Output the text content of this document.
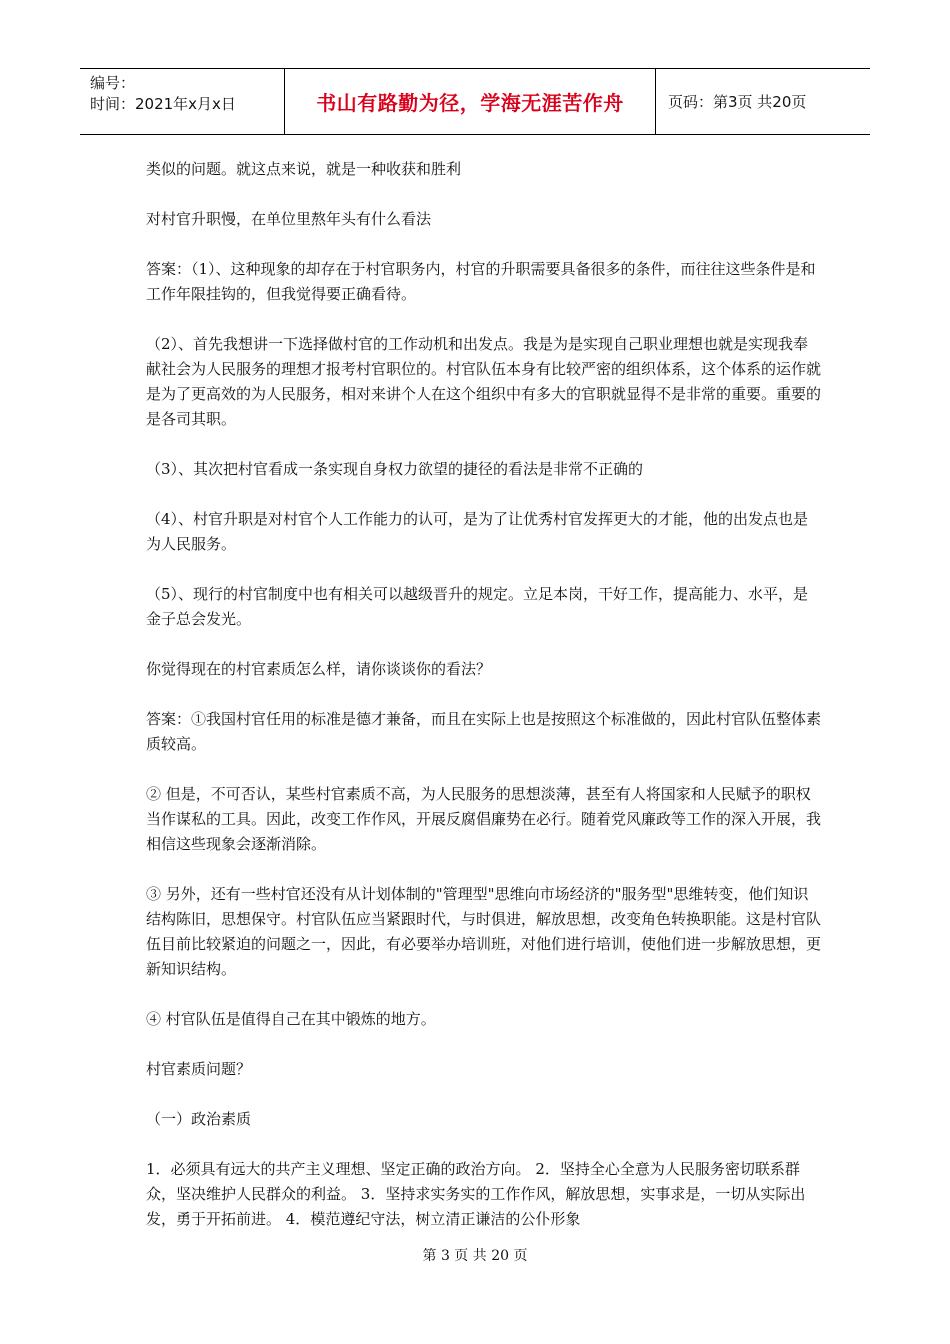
编号：
时间：2021年x月x日	书山有路勤为径，学海无涯苦作舟	页码：第3页 共20页

类似的问题。就这点来说，就是一种收获和胜利

对村官升职慢，在单位里熬年头有什么看法

答案：（1）、这种现象的却存在于村官职务内，村官的升职需要具备很多的条件，而往往这些条件是和工作年限挂钩的，但我觉得要正确看待。

（2）、首先我想讲一下选择做村官的工作动机和出发点。我是为是实现自己职业理想也就是实现我奉献社会为人民服务的理想才报考村官职位的。村官队伍本身有比较严密的组织体系，这个体系的运作就是为了更高效的为人民服务，相对来讲个人在这个组织中有多大的官职就显得不是非常的重要。重要的是各司其职。

（3）、其次把村官看成一条实现自身权力欲望的捷径的看法是非常不正确的

（4）、村官升职是对村官个人工作能力的认可，是为了让优秀村官发挥更大的才能，他的出发点也是为人民服务。

（5）、现行的村官制度中也有相关可以越级晋升的规定。立足本岗，干好工作，提高能力、水平，是金子总会发光。

你觉得现在的村官素质怎么样，请你谈谈你的看法？

答案：①我国村官任用的标准是德才兼备，而且在实际上也是按照这个标准做的，因此村官队伍整体素质较高。

② 但是，不可否认，某些村官素质不高，为人民服务的思想淡薄，甚至有人将国家和人民赋予的职权当作谋私的工具。因此，改变工作作风，开展反腐倡廉势在必行。随着党风廉政等工作的深入开展，我相信这些现象会逐渐消除。

③ 另外，还有一些村官还没有从计划体制的"管理型"思维向市场经济的"服务型"思维转变，他们知识结构陈旧，思想保守。村官队伍应当紧跟时代，与时俱进，解放思想，改变角色转换职能。这是村官队伍目前比较紧迫的问题之一，因此，有必要举办培训班，对他们进行培训，使他们进一步解放思想，更新知识结构。

④ 村官队伍是值得自己在其中锻炼的地方。

村官素质问题？

（一）政治素质

1．必须具有远大的共产主义理想、坚定正确的政治方向。 2．坚持全心全意为人民服务密切联系群众，坚决维护人民群众的利益。 3．坚持求实务实的工作作风，解放思想，实事求是，一切从实际出发，勇于开拓前进。 4．模范遵纪守法，树立清正谦洁的公仆形象

第 3 页 共 20 页
